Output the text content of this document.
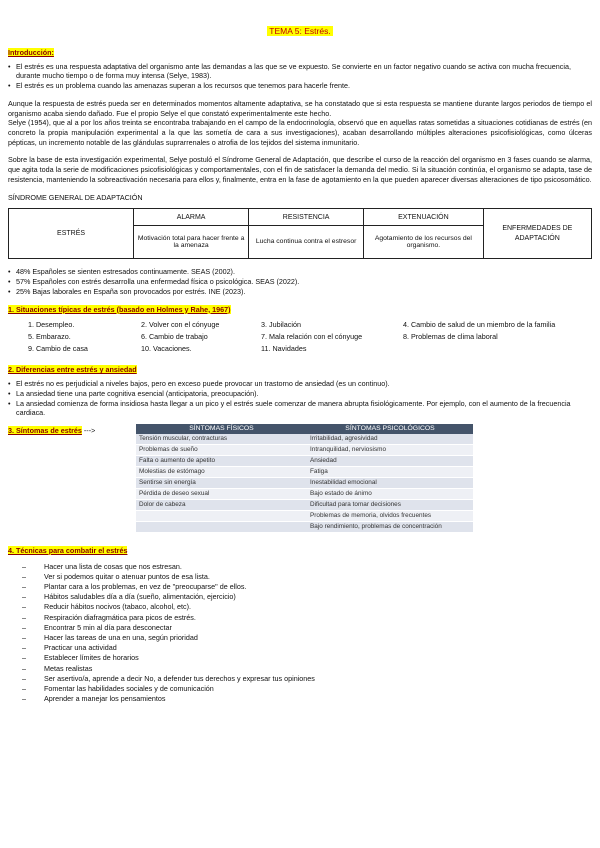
TEMA 5: Estrés.
Introducción:
• El estrés es una respuesta adaptativa del organismo ante las demandas a las que se ve expuesto. Se convierte en un factor negativo cuando se activa con mucha frecuencia, durante mucho tiempo o de forma muy intensa (Selye, 1983).
• El estrés es un problema cuando las amenazas superan a los recursos que tenemos para hacerle frente.

Aunque la respuesta de estrés pueda ser en determinados momentos altamente adaptativa, se ha constatado que si esta respuesta se mantiene durante largos periodos de tiempo el organismo acaba siendo dañado. Fue el propio Selye el que constató experimentalmente este hecho.

Selye (1954), que al a por los años treinta se encontraba trabajando en el campo de la endocrinología, observó que en aquellas ratas sometidas a situaciones cotidianas de estrés (en concreto la propia manipulación experimental a la que las sometía de cara a sus investigaciones), acaban desarrollando múltiples alteraciones psicofisiológicas, como úlceras pépticas, un incremento notable de las glándulas suprarrenales o atrofia de los tejidos del sistema inmunitario.

Sobre la base de esta investigación experimental, Selye postuló el Síndrome General de Adaptación, que describe el curso de la reacción del organismo en 3 fases cuando se alarma, que agita toda la serie de modificaciones psicofisiológicas y comportamentales, con el fin de satisfacer la demanda del medio. Si la situación continúa, el organismo se adapta, tase de resistencia, manteniendo la sobreactivación necesaria para ellos y, finalmente, entra en la fase de agotamiento en la que pueden aparecer diversas alteraciones de tipo psicosomático.

SÍNDROME GENERAL DE ADAPTACIÓN
ESTRÉS	ALARMA	RESISTENCIA	EXTENUACIÓN	ENFERMEDADES DE ADAPTACIÓN
	Motivación total para hacer frente a la amenaza	Lucha continua contra el estresor	Agotamiento de los recursos del organismo.	
• 48% Españoles se sienten estresados continuamente. SEAS (2002).
• 57% Españoles con estrés desarrolla una enfermedad física o psicológica. SEAS (2022).
• 25% Bajas laborales en España son provocados por estrés. INE (2023).
1. Situaciones típicas de estrés (basado en Holmes y Rahe, 1967)
1. Desempleo.	2. Volver con el cónyuge	3. Jubilación	4. Cambio de salud de un miembro de la familia
5. Embarazo.	6. Cambio de trabajo	7. Mala relación con el cónyuge	8. Problemas de clima laboral
9. Cambio de casa	10. Vacaciones.	11. Navidades
2. Diferencias entre estrés y ansiedad
• El estrés no es perjudicial a niveles bajos, pero en exceso puede provocar un trastorno de ansiedad (es un continuo).
• La ansiedad tiene una parte cognitiva esencial (anticipatoria, preocupación).
• La ansiedad comienza de forma insidiosa hasta llegar a un pico y el estrés suele comenzar de manera abrupta fisiológicamente. Por ejemplo, con el aumento de la frecuencia cardiaca.
3. Síntomas de estrés --->	SÍNTOMAS FÍSICOS	SÍNTOMAS PSICOLÓGICOS
Tensión muscular, contracturas	Irritabilidad, agresividad
Problemas de sueño	Intranquilidad, nerviosismo
Falta o aumento de apetito	Ansiedad
Molestias de estómago	Fatiga
Sentirse sin energía	Inestabilidad emocional
Pérdida de deseo sexual	Bajo estado de ánimo
Dolor de cabeza	Dificultad para tomar decisiones
	Problemas de memoria, olvidos frecuentes
	Bajo rendimiento, problemas de concentración
4. Técnicas para combatir el estrés
– Hacer una lista de cosas que nos estresan.
– Ver si podemos quitar o atenuar puntos de esa lista.
– Plantar cara a los problemas, en vez de "preocuparse" de ellos.
– Hábitos saludables día a día (sueño, alimentación, ejercicio)
– Reducir hábitos nocivos (tabaco, alcohol, etc).
– Respiración diafragmática para picos de estrés.
– Encontrar 5 min al día para desconectar
– Hacer las tareas de una en una, según prioridad
– Practicar una actividad
– Establecer límites de horarios
– Metas realistas
– Ser asertivo/a, aprende a decir No, a defender tus derechos y expresar tus opiniones
– Fomentar las habilidades sociales y de comunicación
– Aprender a manejar los pensamientos
